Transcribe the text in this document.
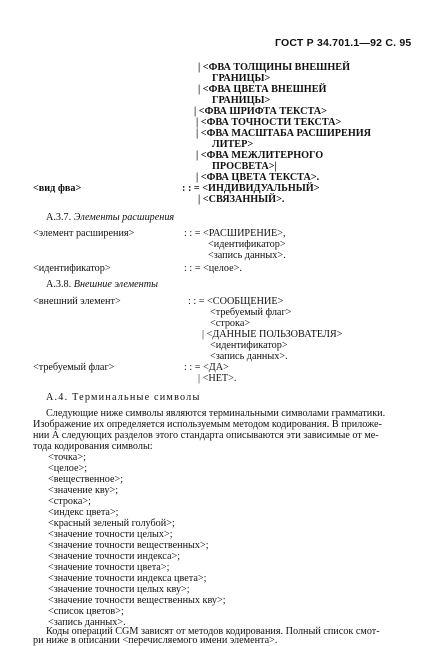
ГОСТ Р 34.701.1—92 С. 95
| <ФВА ТОЛЩИНЫ ВНЕШНЕЙ
ГРАНИЦЫ>
| <ФВА ЦВЕТА ВНЕШНЕЙ
ГРАНИЦЫ>
| <ФВА ШРИФТА ТЕКСТА>
| <ФВА ТОЧНОСТИ ТЕКСТА>
| <ФВА МАСШТАБА РАСШИРЕНИЯ
ЛИТЕР>
| <ФВА МЕЖЛИТЕРНОГО
ПРОСВЕТА>|
| <ФВА ЦВЕТА ТЕКСТА>.
<вид фва>	: : = <ИНДИВИДУАЛЬНЫЙ>
| <СВЯЗАННЫЙ>.
А.3.7. Элементы расширения
<элемент расширения>	: : = <РАСШИРЕНИЕ>,
<идентификатор>
<запись данных>.
<идентификатор>	: : = <целое>.
А.3.8. Внешние элементы
<внешний элемент>	: : = <СООБЩЕНИЕ>
<требуемый флаг>
<строка>
| <ДАННЫЕ ПОЛЬЗОВАТЕЛЯ>
<идентификатор>
<запись данных>.
<требуемый флаг>	: : = <ДА>
| <НЕТ>.
А.4. Терминальные символы
Следующие ниже символы являются терминальными символами грамматики.
Изображение их определяется используемым методом кодирования. В приложе-
нии А следующих разделов этого стандарта описываются эти зависимые от ме-
тода кодирования символы:
<точка>;
<целое>;
<вещественное>;
<значение кву>;
<строка>;
<индекс цвета>;
<красный зеленый голубой>;
<значение точности целых>;
<значение точности вещественных>;
<значение точности индекса>;
<значение точности цвета>;
<значение точности индекса цвета>;
<значение точности целых кву>;
<значение точности вещественных кву>;
<список цветов>;
<запись данных>.
Коды операций CGM зависят от методов кодирования. Полный список смот-
ри ниже в описании <перечисляемого имени элемента>.
